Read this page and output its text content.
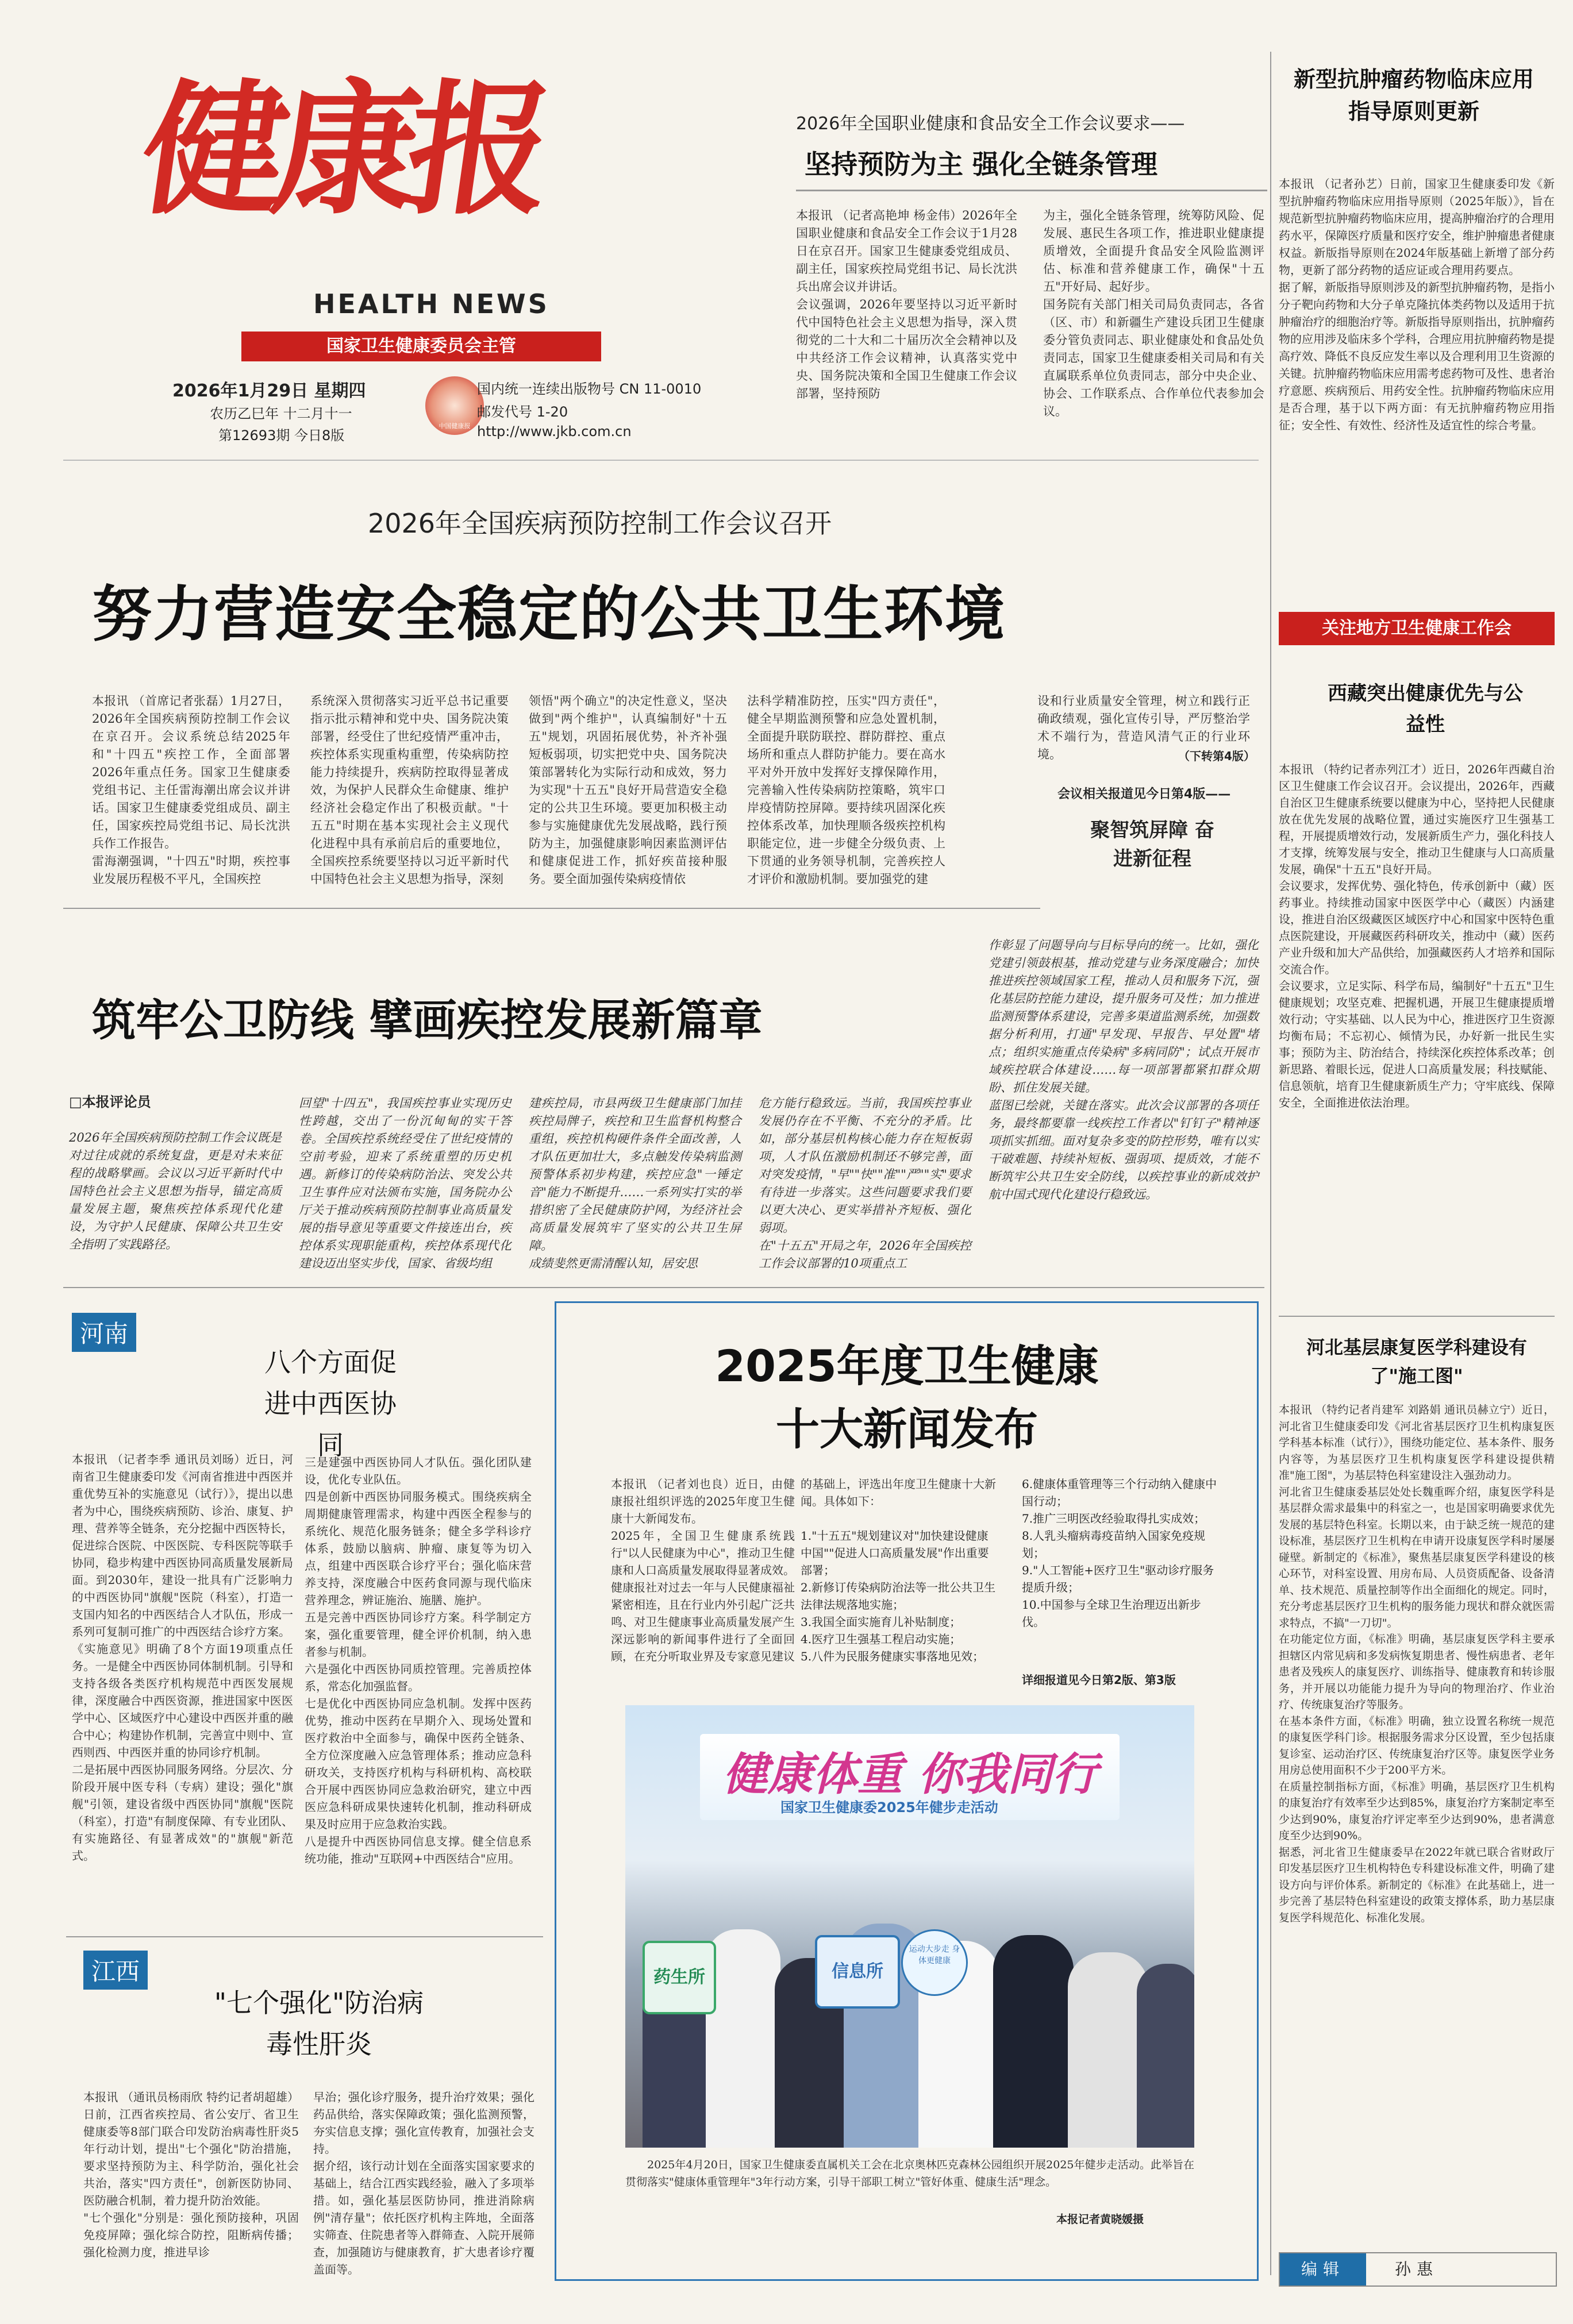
健康报
HEALTH NEWS
国家卫生健康委员会主管
2026年1月29日 星期四
农历乙巳年 十二月十一
第12693期 今日8版
中国健康报
国内统一连续出版物号 CN 11-0010
邮发代号 1-20
http://www.jkb.com.cn
2026年全国职业健康和食品安全工作会议要求——
坚持预防为主 强化全链条管理
本报讯 （记者高艳坤 杨金伟）2026年全国职业健康和食品安全工作会议于1月28日在京召开。国家卫生健康委党组成员、副主任，国家疾控局党组书记、局长沈洪兵出席会议并讲话。
会议强调，2026年要坚持以习近平新时代中国特色社会主义思想为指导，深入贯彻党的二十大和二十届历次全会精神以及中共经济工作会议精神，认真落实党中央、国务院决策和全国卫生健康工作会议部署，坚持预防
为主，强化全链条管理，统筹防风险、促发展、惠民生各项工作，推进职业健康提质增效，全面提升食品安全风险监测评估、标准和营养健康工作，确保"十五五"开好局、起好步。
国务院有关部门相关司局负责同志，各省（区、市）和新疆生产建设兵团卫生健康委分管负责同志、职业健康处和食品处负责同志，国家卫生健康委相关司局和有关直属联系单位负责同志，部分中央企业、协会、工作联系点、合作单位代表参加会议。
新型抗肿瘤药物临床应用指导原则更新
本报讯 （记者孙艺）日前，国家卫生健康委印发《新型抗肿瘤药物临床应用指导原则（2025年版）》，旨在规范新型抗肿瘤药物临床应用，提高肿瘤治疗的合理用药水平，保障医疗质量和医疗安全，维护肿瘤患者健康权益。新版指导原则在2024年版基础上新增了部分药物，更新了部分药物的适应证或合理用药要点。
据了解，新版指导原则涉及的新型抗肿瘤药物，是指小分子靶向药物和大分子单克隆抗体类药物以及适用于抗肿瘤治疗的细胞治疗等。新版指导原则指出，抗肿瘤药物的应用涉及临床多个学科，合理应用抗肿瘤药物是提高疗效、降低不良反应发生率以及合理利用卫生资源的关键。抗肿瘤药物临床应用需考虑药物可及性、患者治疗意愿、疾病预后、用药安全性。抗肿瘤药物临床应用是否合理，基于以下两方面：有无抗肿瘤药物应用指征；安全性、有效性、经济性及适宜性的综合考量。
关注地方卫生健康工作会
西藏突出健康优先与公益性
本报讯 （特约记者赤列江才）近日，2026年西藏自治区卫生健康工作会议召开。会议提出，2026年，西藏自治区卫生健康系统要以健康为中心，坚持把人民健康放在优先发展的战略位置，通过实施医疗卫生强基工程，开展提质增效行动，发展新质生产力，强化科技人才支撑，统筹发展与安全，推动卫生健康与人口高质量发展，确保"十五五"良好开局。
会议要求，发挥优势、强化特色，传承创新中（藏）医药事业。持续推动国家中医医学中心（藏医）内涵建设，推进自治区级藏医区域医疗中心和国家中医特色重点医院建设，开展藏医药科研攻关，推动中（藏）医药产业升级和加大产品供给，加强藏医药人才培养和国际交流合作。
会议要求，立足实际、科学布局，编制好"十五五"卫生健康规划；攻坚克难、把握机遇，开展卫生健康提质增效行动；守实基础、以人民为中心，推进医疗卫生资源均衡布局；不忘初心、倾情为民，办好新一批民生实事；预防为主、防治结合，持续深化疾控体系改革；创新思路、着眼长远，促进人口高质量发展；科技赋能、信息领航，培育卫生健康新质生产力；守牢底线、保障安全，全面推进依法治理。
河北基层康复医学科建设有了"施工图"
本报讯 （特约记者肖建军 刘路娟 通讯员赫立宁）近日，河北省卫生健康委印发《河北省基层医疗卫生机构康复医学科基本标准（试行）》，围绕功能定位、基本条件、服务内容等，为基层医疗卫生机构康复医学科建设提供精准"施工图"，为基层特色科室建设注入强劲动力。
河北省卫生健康委基层处处长魏重晖介绍，康复医学科是基层群众需求最集中的科室之一，也是国家明确要求优先发展的基层特色科室。长期以来，由于缺乏统一规范的建设标准，基层医疗卫生机构在申请开设康复医学科时屡屡碰壁。新制定的《标准》，聚焦基层康复医学科建设的核心环节，对科室设置、用房布局、人员资质配备、设备清单、技术规范、质量控制等作出全面细化的规定。同时，充分考虑基层医疗卫生机构的服务能力现状和群众就医需求特点，不搞"一刀切"。
在功能定位方面，《标准》明确，基层康复医学科主要承担辖区内常见病和多发病恢复期患者、慢性病患者、老年患者及残疾人的康复医疗、训练指导、健康教育和转诊服务，并开展以功能能力提升为导向的物理治疗、作业治疗、传统康复治疗等服务。
在基本条件方面，《标准》明确，独立设置名称统一规范的康复医学科门诊。根据服务需求分区设置，至少包括康复诊室、运动治疗区、传统康复治疗区等。康复医学业务用房总使用面积不少于200平方米。
在质量控制指标方面，《标准》明确，基层医疗卫生机构的康复治疗有效率至少达到85%，康复治疗方案制定率至少达到90%，康复治疗评定率至少达到90%，患者满意度至少达到90%。
据悉，河北省卫生健康委早在2022年就已联合省财政厅印发基层医疗卫生机构特色专科建设标准文件，明确了建设方向与评价体系。新制定的《标准》在此基础上，进一步完善了基层特色科室建设的政策支撑体系，助力基层康复医学科规范化、标准化发展。
编辑	孙惠
2026年全国疾病预防控制工作会议召开
努力营造安全稳定的公共卫生环境
本报讯 （首席记者张磊）1月27日，2026年全国疾病预防控制工作会议在京召开。会议系统总结2025年和"十四五"疾控工作，全面部署2026年重点任务。国家卫生健康委党组书记、主任雷海潮出席会议并讲话。国家卫生健康委党组成员、副主任，国家疾控局党组书记、局长沈洪兵作工作报告。
雷海潮强调，"十四五"时期，疾控事业发展历程极不平凡，全国疾控
系统深入贯彻落实习近平总书记重要指示批示精神和党中央、国务院决策部署，经受住了世纪疫情严重冲击，疾控体系实现重构重塑，传染病防控能力持续提升，疾病防控取得显著成效，为保护人民群众生命健康、维护经济社会稳定作出了积极贡献。"十五五"时期在基本实现社会主义现代化进程中具有承前启后的重要地位，全国疾控系统要坚持以习近平新时代中国特色社会主义思想为指导，深刻
领悟"两个确立"的决定性意义，坚决做到"两个维护"，认真编制好"十五五"规划，巩固拓展优势，补齐补强短板弱项，切实把党中央、国务院决策部署转化为实际行动和成效，努力为实现"十五五"良好开局营造安全稳定的公共卫生环境。要更加积极主动参与实施健康优先发展战略，践行预防为主，加强健康影响因素监测评估和健康促进工作，抓好疾苗接种服务。要全面加强传染病疫情依
法科学精准防控，压实"四方责任"，健全早期监测预警和应急处置机制，全面提升联防联控、群防群控、重点场所和重点人群防护能力。要在高水平对外开放中发挥好支撑保障作用，完善输入性传染病防控策略，筑牢口岸疫情防控屏障。要持续巩固深化疾控体系改革，加快理顺各级疾控机构职能定位，进一步健全分级负责、上下贯通的业务领导机制，完善疾控人才评价和激励机制。要加强党的建
设和行业质量安全管理，树立和践行正确政绩观，强化宣传引导，严厉整治学术不端行为，营造风清气正的行业环境。	（下转第4版）
会议相关报道见今日第4版——
聚智筑屏障 奋进新征程
筑牢公卫防线 擘画疾控发展新篇章
□本报评论员
2026年全国疾病预防控制工作会议既是对过往成就的系统复盘，更是对未来征程的战略擘画。会议以习近平新时代中国特色社会主义思想为指导，锚定高质量发展主题，聚焦疾控体系现代化建设，为守护人民健康、保障公共卫生安全指明了实践路径。
回望"十四五"，我国疾控事业实现历史性跨越，交出了一份沉甸甸的实干答卷。全国疾控系统经受住了世纪疫情的空前考验，迎来了系统重塑的历史机遇。新修订的传染病防治法、突发公共卫生事件应对法颁布实施，国务院办公厅关于推动疾病预防控制事业高质量发展的指导意见等重要文件接连出台，疾控体系实现职能重构，疾控体系现代化建设迈出坚实步伐，国家、省级均组
建疾控局，市县两级卫生健康部门加挂疾控局牌子，疾控和卫生监督机构整合重组，疾控机构硬件条件全面改善，人才队伍更加壮大，多点触发传染病监测预警体系初步构建，疾控应急"一锤定音"能力不断提升……一系列实打实的举措织密了全民健康防护网，为经济社会高质量发展筑牢了坚实的公共卫生屏障。
成绩斐然更需清醒认知，居安思
危方能行稳致远。当前，我国疾控事业发展仍存在不平衡、不充分的矛盾。比如，部分基层机构核心能力存在短板弱项，人才队伍激励机制还不够完善，面对突发疫情，"早""快""准""严""实"要求有待进一步落实。这些问题要求我们要以更大决心、更实举措补齐短板、强化弱项。
在"十五五"开局之年，2026年全国疾控工作会议部署的10项重点工
作彰显了问题导向与目标导向的统一。比如，强化党建引领鼓根基，推动党建与业务深度融合；加快推进疾控领域国家工程，推动人员和服务下沉，强化基层防控能力建设，提升服务可及性；加力推进监测预警体系建设，完善多渠道监测系统，加强数据分析利用，打通"早发现、早报告、早处置"堵点；组织实施重点传染病"多病同防"；试点开展市域疾控联合体建设……每一项部署都紧扣群众期盼、抓住发展关键。
蓝图已绘就，关键在落实。此次会议部署的各项任务，最终都要靠一线疾控工作者以"钉钉子"精神逐项抓实抓细。面对复杂多变的防控形势，唯有以实干破难题、持续补短板、强弱项、提质效，才能不断筑牢公共卫生安全防线，以疾控事业的新成效护航中国式现代化建设行稳致远。
河南
八个方面促进中西医协同
本报讯 （记者李季 通讯员刘旸）近日，河南省卫生健康委印发《河南省推进中西医并重优势互补的实施意见（试行）》，提出以患者为中心，围绕疾病预防、诊治、康复、护理、营养等全链条，充分挖掘中西医特长，促进综合医院、中医医院、专科医院等联手协同，稳步构建中西医协同高质量发展新局面。到2030年，建设一批具有广泛影响力的中西医协同"旗舰"医院（科室），打造一支国内知名的中西医结合人才队伍，形成一系列可复制可推广的中西医结合诊疗方案。
《实施意见》明确了8个方面19项重点任务。一是健全中西医协同体制机制。引导和支持各级各类医疗机构规范中西医发展规律，深度融合中西医资源，推进国家中医医学中心、区域医疗中心建设中西医并重的融合中心；构建协作机制，完善宣中则中、宣西则西、中西医并重的协同诊疗机制。
二是拓展中西医协同服务网络。分层次、分阶段开展中医专科（专病）建设；强化"旗舰"引领，建设省级中西医协同"旗舰"医院（科室），打造"有制度保障、有专业团队、有实施路径、有显著成效"的"旗舰"新范式。
三是建强中西医协同人才队伍。强化团队建设，优化专业队伍。
四是创新中西医协同服务模式。围绕疾病全周期健康管理需求，构建中西医全程参与的系统化、规范化服务链条；健全多学科诊疗体系，鼓励以脑病、肿瘤、康复等为切入点，组建中西医联合诊疗平台；强化临床营养支持，深度融合中医药食同源与现代临床营养理念，辨证施治、施膳、施护。
五是完善中西医协同诊疗方案。科学制定方案，强化重要管理，健全评价机制，纳入患者参与机制。
六是强化中西医协同质控管理。完善质控体系，常态化加强监督。
七是优化中西医协同应急机制。发挥中医药优势，推动中医药在早期介入、现场处置和医疗救治中全面参与，确保中医药全链条、全方位深度融入应急管理体系；推动应急科研攻关，支持医疗机构与科研机构、高校联合开展中西医协同应急救治研究，建立中西医应急科研成果快速转化机制，推动科研成果及时应用于应急救治实践。
八是提升中西医协同信息支撑。健全信息系统功能，推动"互联网+中西医结合"应用。
江西
"七个强化"防治病毒性肝炎
本报讯 （通讯员杨雨欣 特约记者胡超雄）日前，江西省疾控局、省公安厅、省卫生健康委等8部门联合印发防治病毒性肝炎5年行动计划，提出"七个强化"防治措施，要求坚持预防为主、科学防治，强化社会共治，落实"四方责任"，创新医防协同、医防融合机制，着力提升防治效能。
"七个强化"分别是：强化预防接种，巩固免疫屏障；强化综合防控，阻断病传播；强化检测力度，推进早诊
早治；强化诊疗服务，提升治疗效果；强化药品供给，落实保障政策；强化监测预警，夯实信息支撑；强化宣传教育，加强社会支持。
据介绍，该行动计划在全面落实国家要求的基础上，结合江西实践经验，融入了多项举措。如，强化基层医防协同，推进消除病例"清存量"；依托医疗机构主阵地，全面落实筛查、住院患者等入群筛查、入院开展筛查，加强随访与健康教育，扩大患者诊疗覆盖面等。
2025年度卫生健康十大新闻发布
本报讯 （记者刘也良）近日，由健康报社组织评选的2025年度卫生健康十大新闻发布。
2025年，全国卫生健康系统践行"以人民健康为中心"，推动卫生健康和人口高质量发展取得显著成效。健康报社对过去一年与人民健康福祉紧密相连，且在行业内外引起广泛共鸣、对卫生健康事业高质量发展产生深远影响的新闻事件进行了全面回顾，在充分听取业界及专家意见建议
的基础上，评选出年度卫生健康十大新闻。具体如下：
1."十五五"规划建议对"加快建设健康中国""促进人口高质量发展"作出重要部署；
2.新修订传染病防治法等一批公共卫生法律法规落地实施；
3.我国全面实施育儿补贴制度；
4.医疗卫生强基工程启动实施；
5.八件为民服务健康实事落地见效；
6.健康体重管理等三个行动纳入健康中国行动；
7.推广三明医改经验取得扎实成效；
8.人乳头瘤病毒疫苗纳入国家免疫规划；
9."人工智能+医疗卫生"驱动诊疗服务提质升级；
10.中国参与全球卫生治理迈出新步伐。
详细报道见今日第2版、第3版
健康体重 你我同行
国家卫生健康委2025年健步走活动
药生所	信息所
运动大步走 身体更健康
2025年4月20日，国家卫生健康委直属机关工会在北京奥林匹克森林公园组织开展2025年健步走活动。此举旨在贯彻落实"健康体重管理年"3年行动方案，引导干部职工树立"管好体重、健康生活"理念。
本报记者黄晓媛摄
